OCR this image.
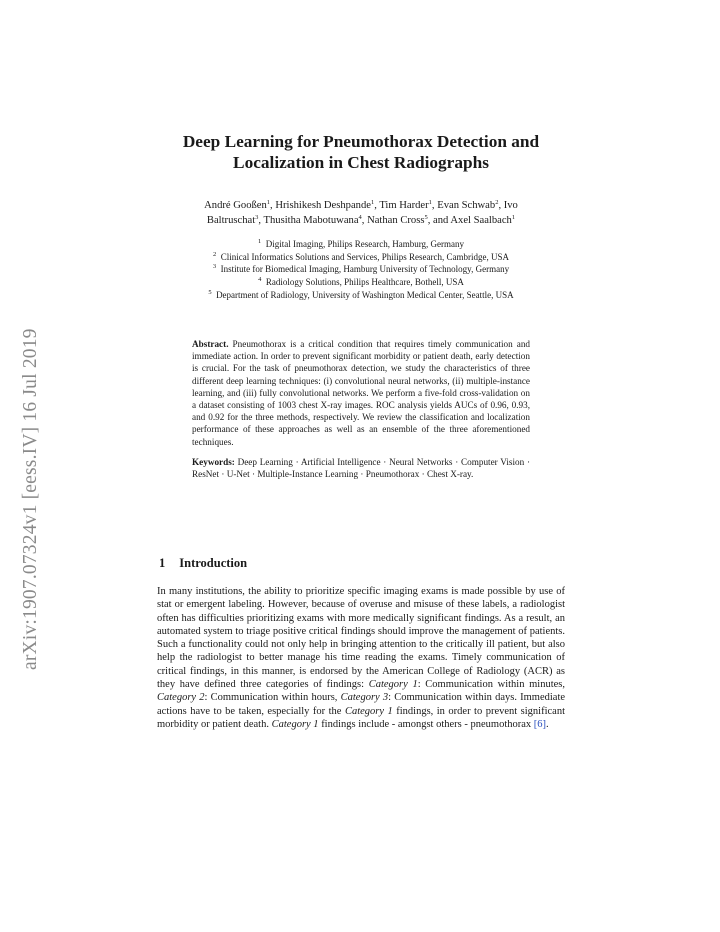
arXiv:1907.07324v1 [eess.IV] 16 Jul 2019
Deep Learning for Pneumothorax Detection and
Localization in Chest Radiographs
André Gooßen$^1$, Hrishikesh Deshpande$^1$, Tim Harder$^1$, Evan Schwab$^2$, Ivo
Baltruschat$^3$, Thusitha Mabotuwana$^4$, Nathan Cross$^5$, and Axel Saalbach$^1$
$^1$ Digital Imaging, Philips Research, Hamburg, Germany
$^2$ Clinical Informatics Solutions and Services, Philips Research, Cambridge, USA
$^3$ Institute for Biomedical Imaging, Hamburg University of Technology, Germany
$^4$ Radiology Solutions, Philips Healthcare, Bothell, USA
$^5$ Department of Radiology, University of Washington Medical Center, Seattle, USA

Abstract. Pneumothorax is a critical condition that requires timely communication and immediate action. In order to prevent significant morbidity or patient death, early detection is crucial. For the task of pneumothorax detection, we study the characteristics of three different deep learning techniques: (i) convolutional neural networks, (ii) multiple-instance learning, and (iii) fully convolutional networks. We perform a five-fold cross-validation on a dataset consisting of 1003 chest X-ray images. ROC analysis yields AUCs of 0.96, 0.93, and 0.92 for the three methods, respectively. We review the classification and localization performance of these approaches as well as an ensemble of the three aforementioned techniques.

Keywords: Deep Learning · Artificial Intelligence · Neural Networks · Computer Vision · ResNet · U-Net · Multiple-Instance Learning · Pneumothorax · Chest X-ray.

1 Introduction

In many institutions, the ability to prioritize specific imaging exams is made possible by use of stat or emergent labeling. However, because of overuse and misuse of these labels, a radiologist often has difficulties prioritizing exams with more medically significant findings. As a result, an automated system to triage positive critical findings should improve the management of patients. Such a functionality could not only help in bringing attention to the critically ill patient, but also help the radiologist to better manage his time reading the exams. Timely communication of critical findings, in this manner, is endorsed by the American College of Radiology (ACR) as they have defined three categories of findings: Category 1: Communication within minutes, Category 2: Communication within hours, Category 3: Communication within days. Immediate actions have to be taken, especially for the Category 1 findings, in order to prevent significant morbidity or patient death. Category 1 findings include - amongst others - pneumothorax [6].
